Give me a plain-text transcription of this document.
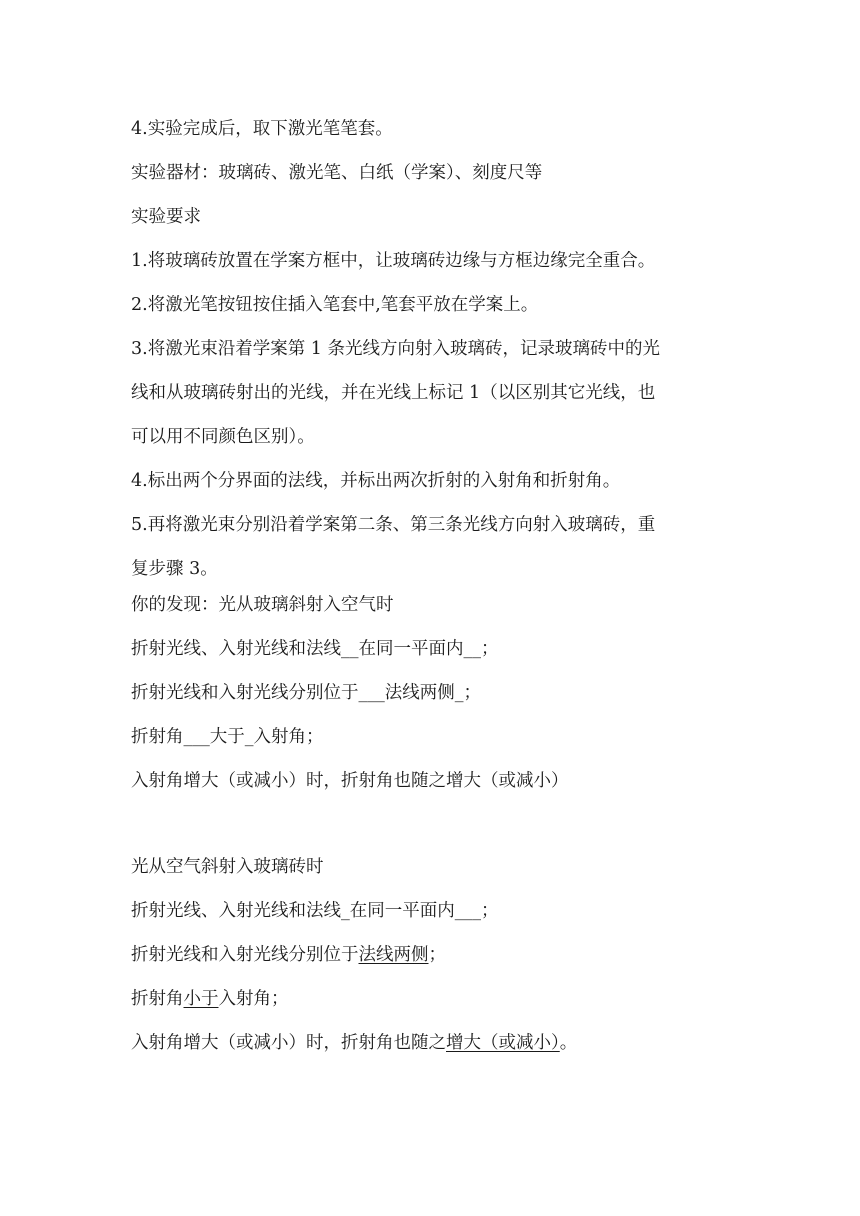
4.实验完成后，取下激光笔笔套。
实验器材：玻璃砖、激光笔、白纸（学案）、刻度尺等
实验要求
1.将玻璃砖放置在学案方框中，让玻璃砖边缘与方框边缘完全重合。
2.将激光笔按钮按住插入笔套中,笔套平放在学案上。
3.将激光束沿着学案第 1 条光线方向射入玻璃砖，记录玻璃砖中的光
线和从玻璃砖射出的光线，并在光线上标记 1（以区别其它光线，也
可以用不同颜色区别）。
4.标出两个分界面的法线，并标出两次折射的入射角和折射角。
5.再将激光束分别沿着学案第二条、第三条光线方向射入玻璃砖，重
复步骤 3。
你的发现：光从玻璃斜射入空气时
折射光线、入射光线和法线__在同一平面内__；
折射光线和入射光线分别位于___法线两侧_；
折射角___大于_入射角；
入射角增大（或减小）时，折射角也随之增大（或减小）
光从空气斜射入玻璃砖时
折射光线、入射光线和法线_在同一平面内___；
折射光线和入射光线分别位于法线两侧；
折射角小于入射角；
入射角增大（或减小）时，折射角也随之增大（或减小）。
